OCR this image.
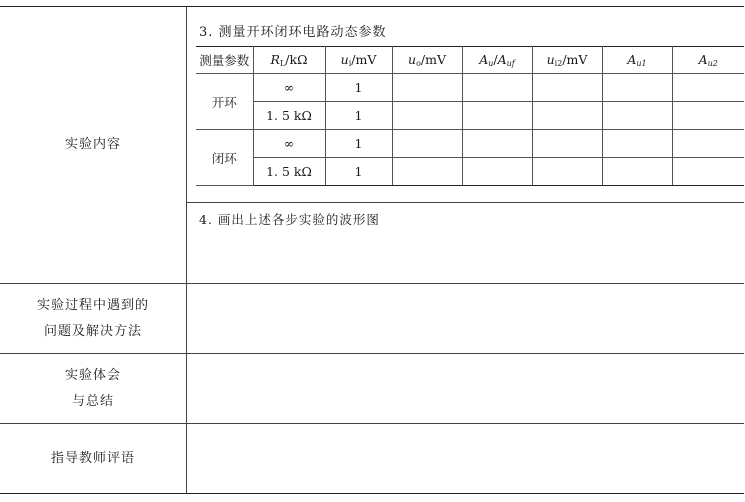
实验内容
3. 测量开环闭环电路动态参数
测量参数	$R_L/k\Omega$	$u_i/mV$	$u_o/mV$	$A_u/A_{uf}$	$u_{i2}/mV$	$A_{u1}$	$A_{u2}$
开环	∞	1					
	1. 5 kΩ	1					
闭环	∞	1					
	1. 5 kΩ	1					
4. 画出上述各步实验的波形图
实验过程中遇到的
问题及解决方法
实验体会
与总结
指导教师评语
